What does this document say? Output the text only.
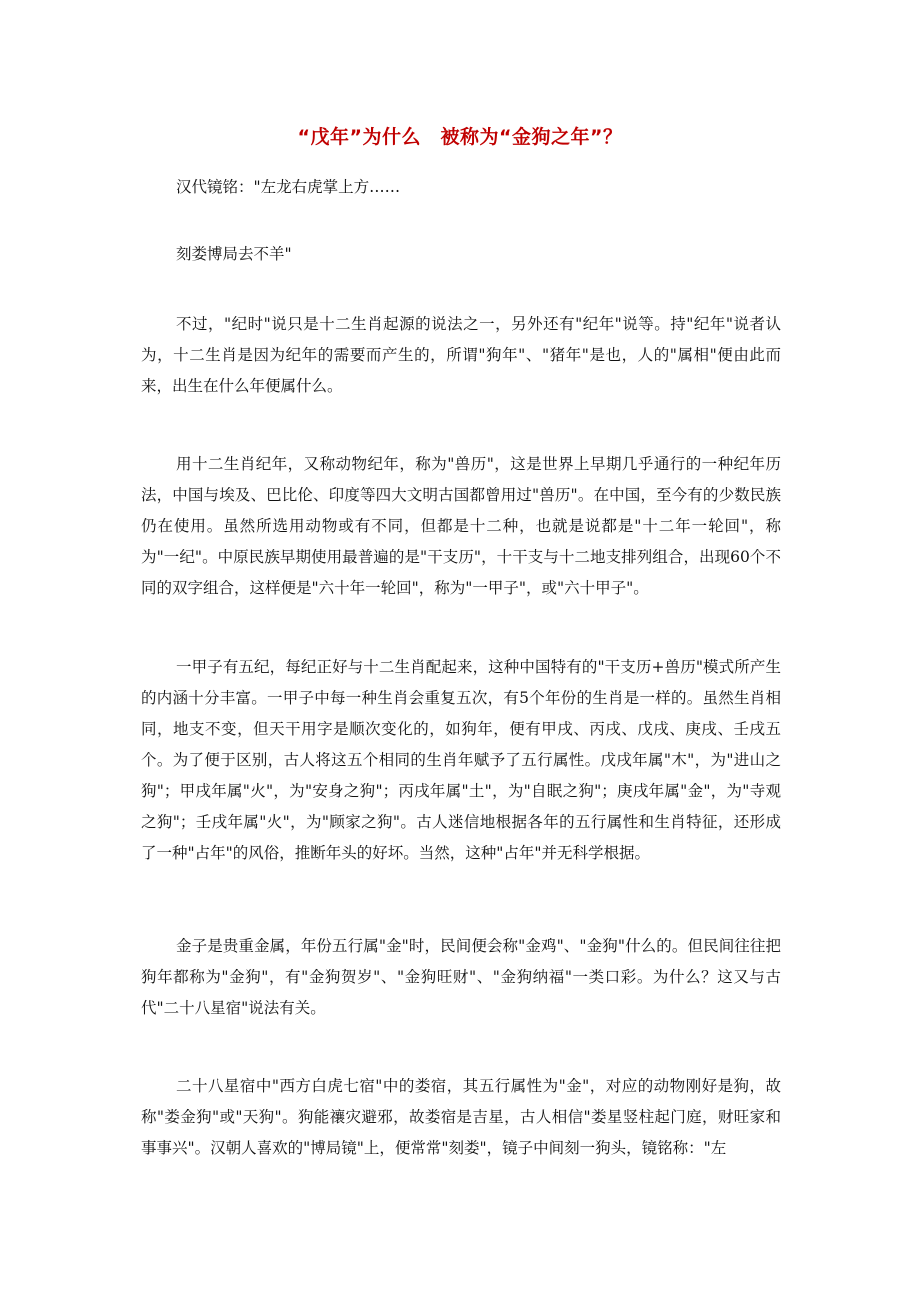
“戊年”为什么　被称为“金狗之年”？

汉代镜铭："左龙右虎掌上方……

刻娄博局去不羊"

不过，"纪时"说只是十二生肖起源的说法之一，另外还有"纪年"说等。持"纪年"说者认为，十二生肖是因为纪年的需要而产生的，所谓"狗年"、"猪年"是也，人的"属相"便由此而来，出生在什么年便属什么。

用十二生肖纪年，又称动物纪年，称为"兽历"，这是世界上早期几乎通行的一种纪年历法，中国与埃及、巴比伦、印度等四大文明古国都曾用过"兽历"。在中国，至今有的少数民族仍在使用。虽然所选用动物或有不同，但都是十二种，也就是说都是"十二年一轮回"，称为"一纪"。中原民族早期使用最普遍的是"干支历"，十干支与十二地支排列组合，出现60个不同的双字组合，这样便是"六十年一轮回"，称为"一甲子"，或"六十甲子"。

一甲子有五纪，每纪正好与十二生肖配起来，这种中国特有的"干支历+兽历"模式所产生的内涵十分丰富。一甲子中每一种生肖会重复五次，有5个年份的生肖是一样的。虽然生肖相同，地支不变，但天干用字是顺次变化的，如狗年，便有甲戌、丙戌、戊戌、庚戌、壬戌五个。为了便于区别，古人将这五个相同的生肖年赋予了五行属性。戊戌年属"木"，为"进山之狗"；甲戌年属"火"，为"安身之狗"；丙戌年属"土"，为"自眠之狗"；庚戌年属"金"，为"寺观之狗"；壬戌年属"火"，为"顾家之狗"。古人迷信地根据各年的五行属性和生肖特征，还形成了一种"占年"的风俗，推断年头的好坏。当然，这种"占年"并无科学根据。

金子是贵重金属，年份五行属"金"时，民间便会称"金鸡"、"金狗"什么的。但民间往往把狗年都称为"金狗"，有"金狗贺岁"、"金狗旺财"、"金狗纳福"一类口彩。为什么？这又与古代"二十八星宿"说法有关。

二十八星宿中"西方白虎七宿"中的娄宿，其五行属性为"金"，对应的动物刚好是狗，故称"娄金狗"或"天狗"。狗能禳灾避邪，故娄宿是吉星，古人相信"娄星竖柱起门庭，财旺家和事事兴"。汉朝人喜欢的"博局镜"上，便常常"刻娄"，镜子中间刻一狗头，镜铭称："左
